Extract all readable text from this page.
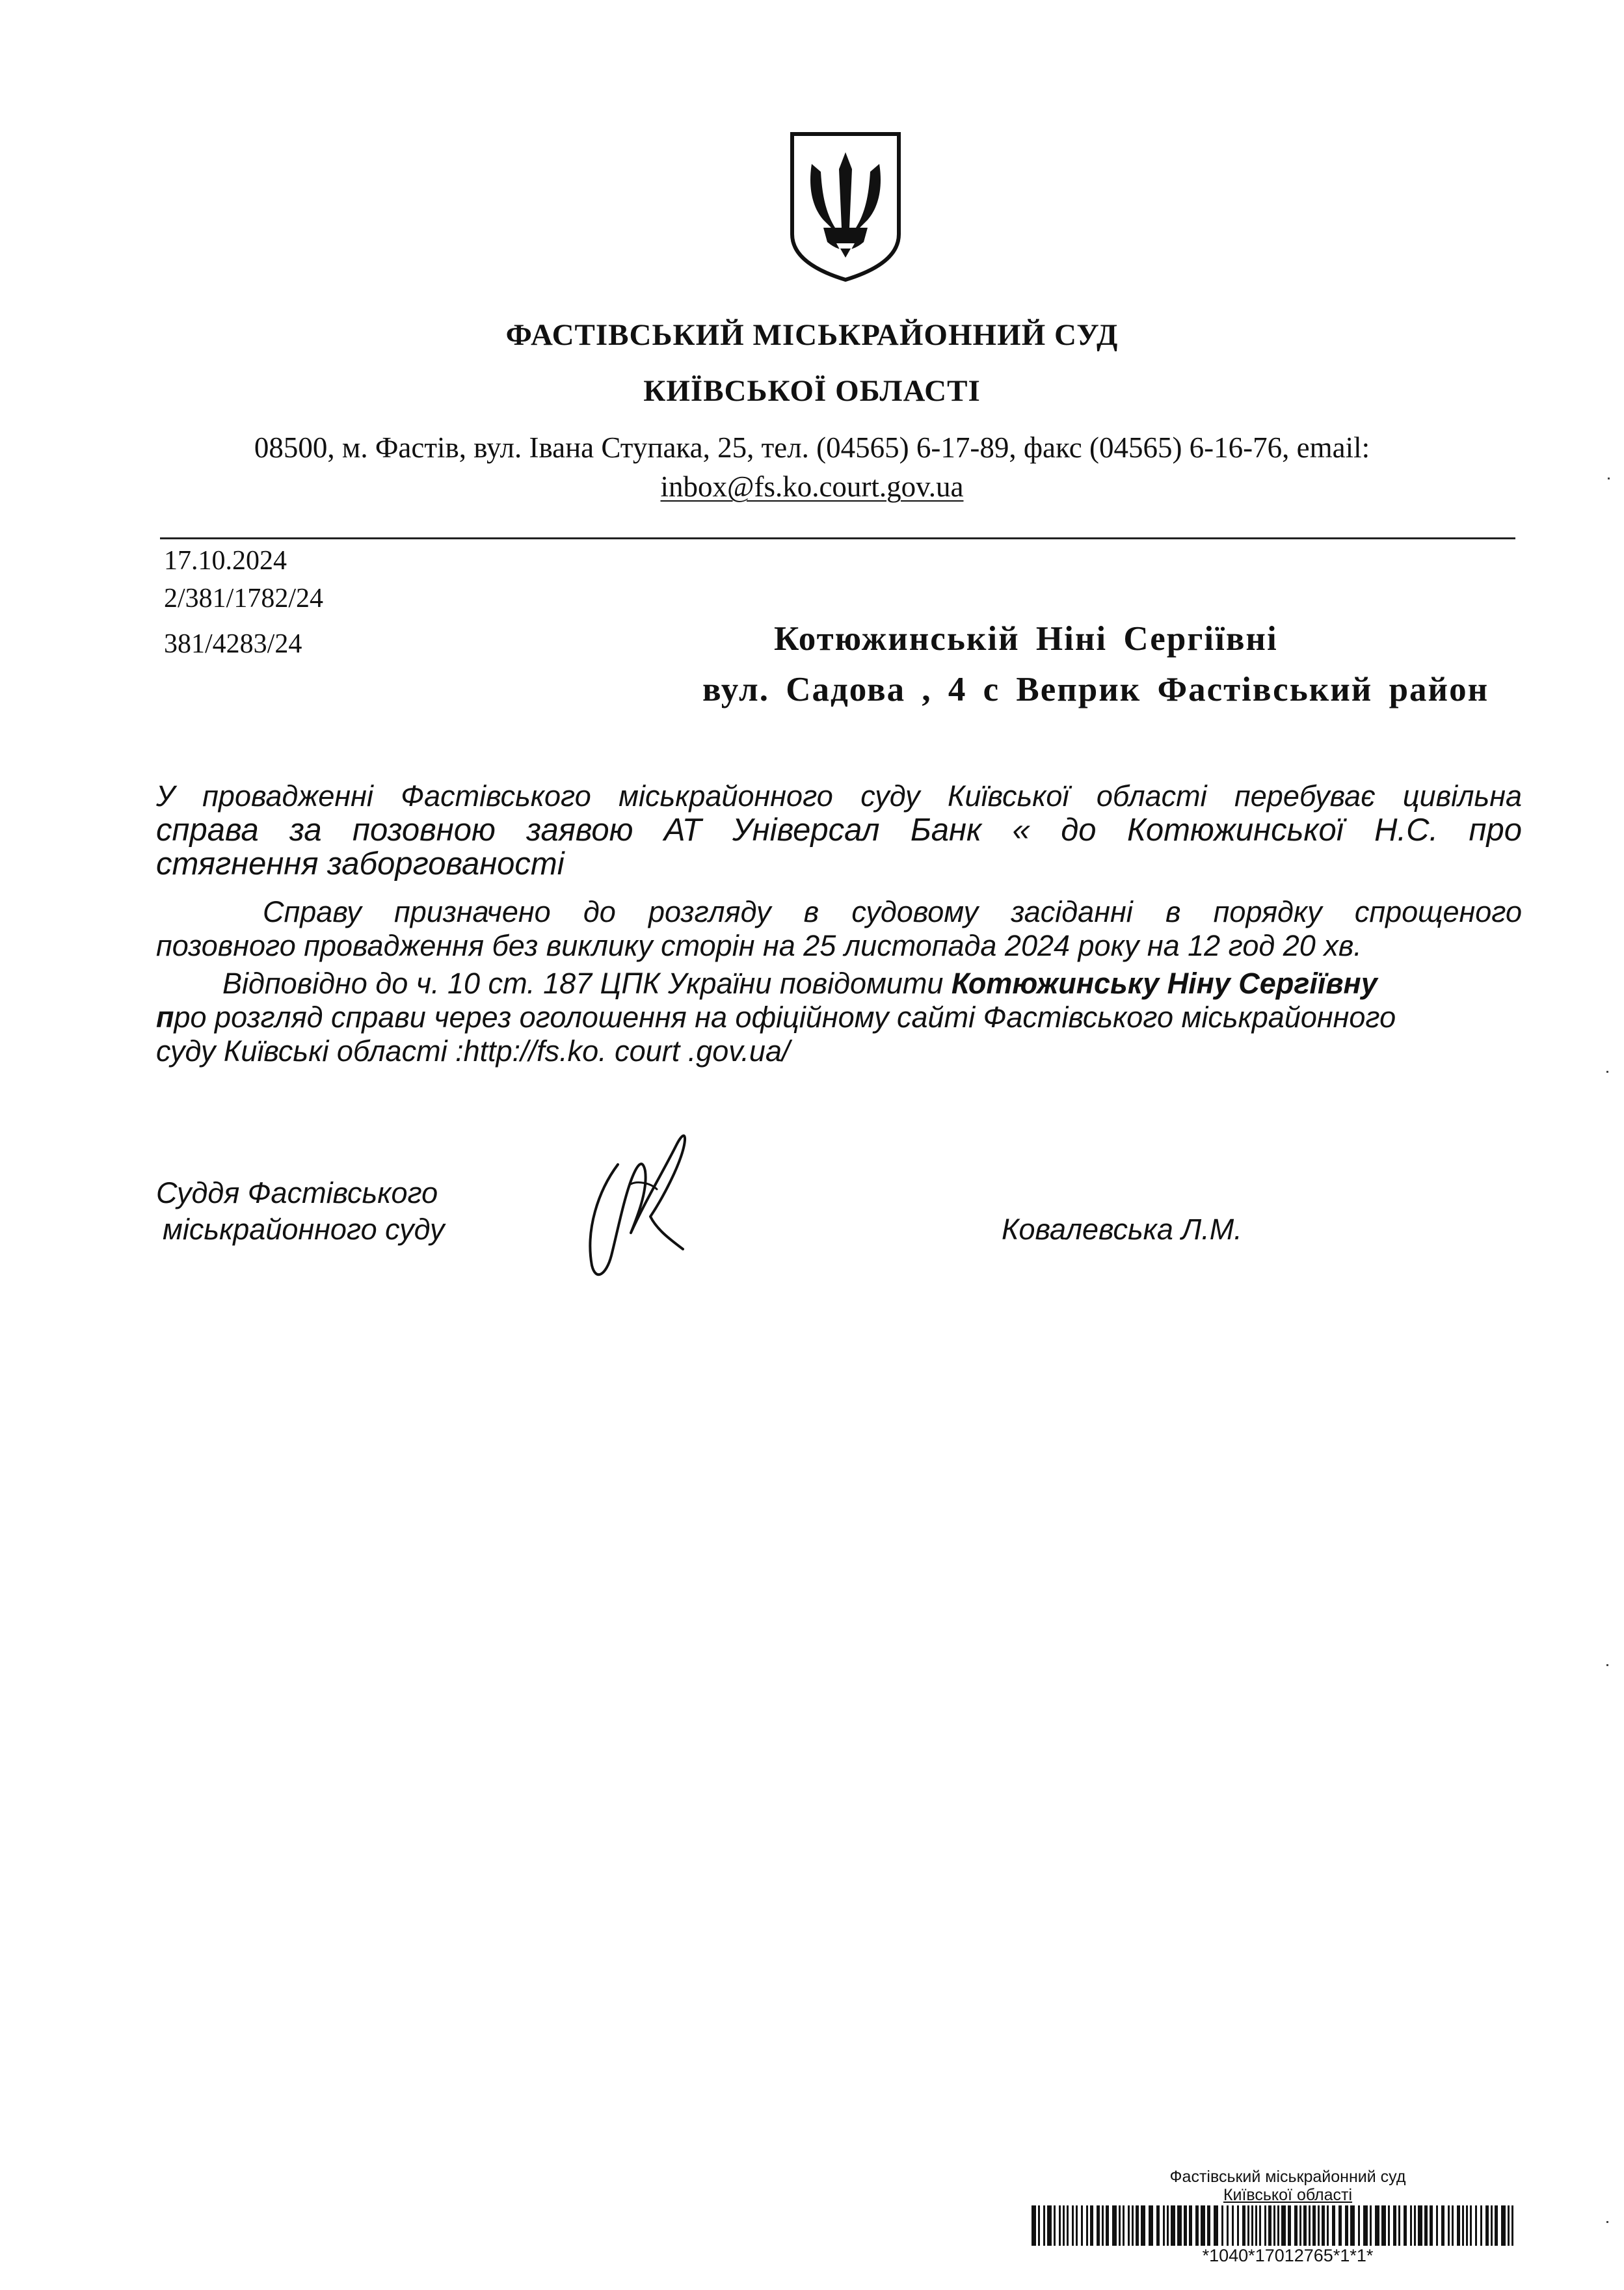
ФАСТІВСЬКИЙ МІСЬКРАЙОННИЙ СУД
КИЇВСЬКОЇ ОБЛАСТІ
08500, м. Фастів, вул. Івана Ступака, 25, тел. (04565) 6-17-89, факс (04565) 6-16-76, email:
inbox@fs.ko.court.gov.ua
17.10.2024
2/381/1782/24
381/4283/24	Котюжинській Ніні Сергіївні
вул. Садова , 4 с Веприк Фастівський район
У провадженні Фастівського міськрайонного суду Київської області перебуває цивільна
справа за позовною заявою АТ Універсал Банк « до Котюжинської Н.С. про
стягнення заборгованості
Справу призначено до розгляду в судовому засіданні в порядку спрощеного
позовного провадження без виклику сторін на 25 листопада 2024 року на 12 год 20 хв.
Відповідно до ч. 10 ст. 187 ЦПК України повідомити Котюжинську Ніну Сергіївну
про розгляд справи через оголошення на офіційному сайті Фастівського міськрайонного
суду Київські області :http://fs.ko. court .gov.ua/
Суддя Фастівського
міськрайонного суду	Ковалевська Л.М.
Фастівський міськрайонний суд
Київської області
*1040*17012765*1*1*
